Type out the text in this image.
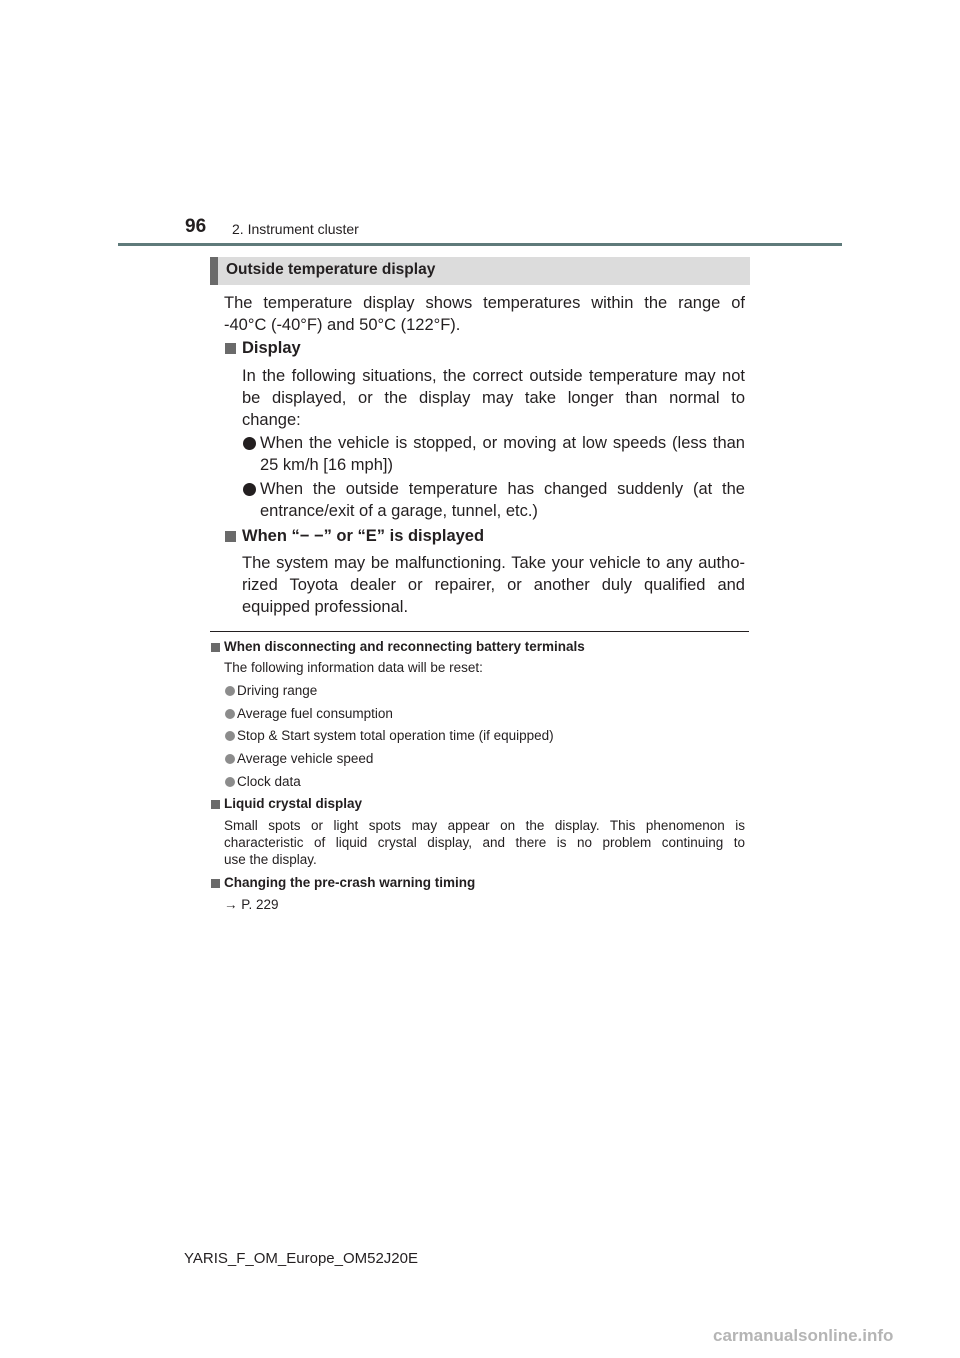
96 2. Instrument cluster
Outside temperature display
The temperature display shows temperatures within the range of
-40°C (-40°F) and 50°C (122°F).
Display
In the following situations, the correct outside temperature may not
be displayed, or the display may take longer than normal to
change:
When the vehicle is stopped, or moving at low speeds (less than
25 km/h [16 mph])
When the outside temperature has changed suddenly (at the
entrance/exit of a garage, tunnel, etc.)
When “− −” or “E” is displayed
The system may be malfunctioning. Take your vehicle to any autho-
rized Toyota dealer or repairer, or another duly qualified and
equipped professional.
When disconnecting and reconnecting battery terminals
The following information data will be reset:
Driving range
Average fuel consumption
Stop & Start system total operation time (if equipped)
Average vehicle speed
Clock data
Liquid crystal display
Small spots or light spots may appear on the display. This phenomenon is
characteristic of liquid crystal display, and there is no problem continuing to
use the display.
Changing the pre-crash warning timing
→ P. 229
YARIS_F_OM_Europe_OM52J20E
carmanualsonline.info
